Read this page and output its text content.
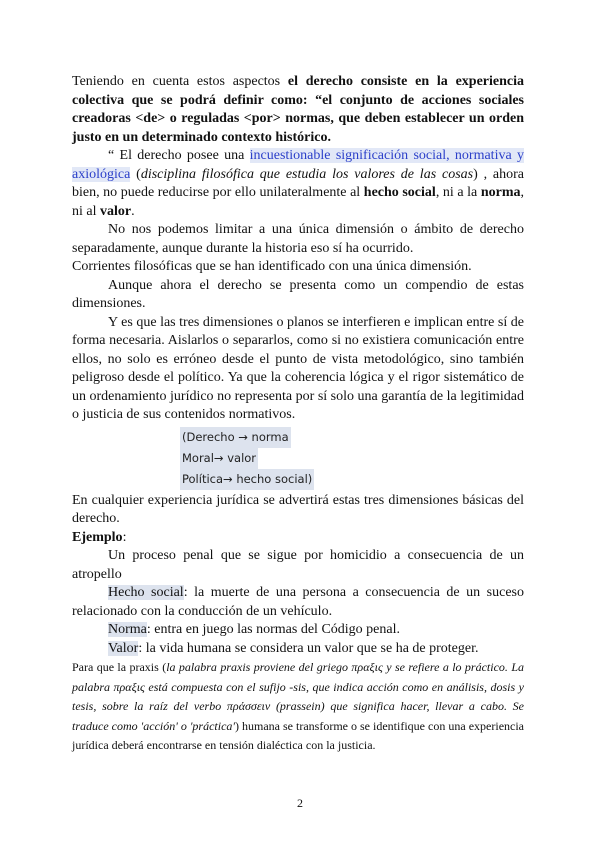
Teniendo en cuenta estos aspectos el derecho consiste en la experiencia colectiva que se podrá definir como: “el conjunto de acciones sociales creadoras <de> o reguladas <por> normas, que deben establecer un orden justo en un determinado contexto histórico.

“ El derecho posee una incuestionable significación social, normativa y axiológica (disciplina filosófica que estudia los valores de las cosas) , ahora bien, no puede reducirse por ello unilateralmente al hecho social, ni a la norma, ni al valor.

No nos podemos limitar a una única dimensión o ámbito de derecho separadamente, aunque durante la historia eso sí ha ocurrido.

Corrientes filosóficas que se han identificado con una única dimensión.

Aunque ahora el derecho se presenta como un compendio de estas dimensiones.

Y es que las tres dimensiones o planos se interfieren e implican entre sí de forma necesaria. Aislarlos o separarlos, como si no existiera comunicación entre ellos, no solo es erróneo desde el punto de vista metodológico, sino también peligroso desde el político. Ya que la coherencia lógica y el rigor sistemático de un ordenamiento jurídico no representa por sí solo una garantía de la legitimidad o justicia de sus contenidos normativos.

(Derecho → norma
Moral→ valor
Política→ hecho social)

En cualquier experiencia jurídica se advertirá estas tres dimensiones básicas del derecho.

Ejemplo:

Un proceso penal que se sigue por homicidio a consecuencia de un atropello

Hecho social: la muerte de una persona a consecuencia de un suceso relacionado con la conducción de un vehículo.

Norma: entra en juego las normas del Código penal.

Valor: la vida humana se considera un valor que se ha de proteger.

Para que la praxis (la palabra praxis proviene del griego πραξις y se refiere a lo práctico. La palabra πραξις está compuesta con el sufijo -sis, que indica acción como en análisis, dosis y tesis, sobre la raíz del verbo πράσσειν (prassein) que significa hacer, llevar a cabo. Se traduce como 'acción' o 'práctica') humana se transforme o se identifique con una experiencia jurídica deberá encontrarse en tensión dialéctica con la justicia.

2
